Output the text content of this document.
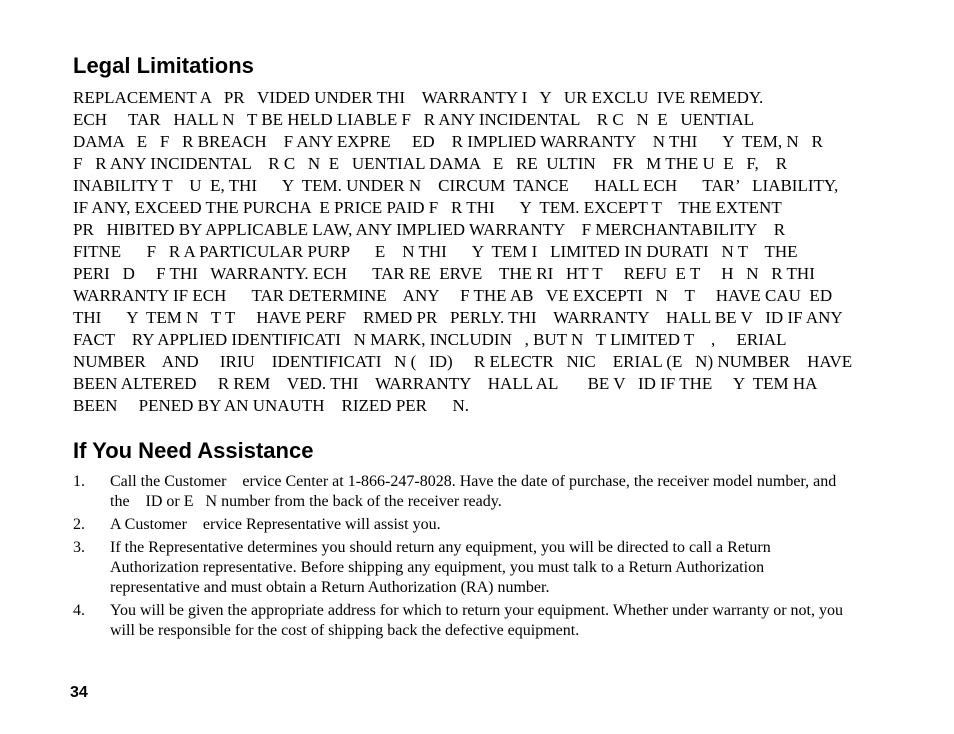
Legal Limitations
REPLACEMENT A   PR   VIDED UNDER THI    WARRANTY I   Y   UR EXCLU  IVE REMEDY.
ECH     TAR   HALL N   T BE HELD LIABLE F   R ANY INCIDENTAL    R C   N  E   UENTIAL
DAMA   E   F   R BREACH    F ANY EXPRE     ED    R IMPLIED WARRANTY    N THI      Y  TEM, N   R
F   R ANY INCIDENTAL    R C   N  E   UENTIAL DAMA   E   RE  ULTIN    FR   M THE U  E   F,    R
INABILITY T    U  E, THI      Y  TEM. UNDER N    CIRCUM  TANCE      HALL ECH      TAR’   LIABILITY,
IF ANY, EXCEED THE PURCHA  E PRICE PAID F   R THI      Y  TEM. EXCEPT T    THE EXTENT
PR   HIBITED BY APPLICABLE LAW, ANY IMPLIED WARRANTY    F MERCHANTABILITY    R
FITNE      F   R A PARTICULAR PURP      E    N THI      Y  TEM I   LIMITED IN DURATI   N T    THE
PERI   D     F THI   WARRANTY. ECH      TAR RE  ERVE    THE RI   HT T     REFU  E T     H   N   R THI
WARRANTY IF ECH      TAR DETERMINE    ANY     F THE AB   VE EXCEPTI   N    T     HAVE CAU  ED
THI      Y  TEM N   T T     HAVE PERF    RMED PR   PERLY. THI    WARRANTY    HALL BE V   ID IF ANY
FACT    RY APPLIED IDENTIFICATI   N MARK, INCLUDIN   , BUT N   T LIMITED T    ,     ERIAL
NUMBER    AND     IRIU    IDENTIFICATI   N (   ID)     R ELECTR   NIC    ERIAL (E   N) NUMBER    HAVE
BEEN ALTERED     R REM    VED. THI    WARRANTY    HALL AL       BE V   ID IF THE     Y  TEM HA
BEEN     PENED BY AN UNAUTH    RIZED PER      N.
If You Need Assistance
1. Call the Customer    ervice Center at 1-866-247-8028. Have the date of purchase, the receiver model number, and
the    ID or E   N number from the back of the receiver ready.
2. A Customer    ervice Representative will assist you.
3. If the Representative determines you should return any equipment, you will be directed to call a Return
Authorization representative. Before shipping any equipment, you must talk to a Return Authorization
representative and must obtain a Return Authorization (RA) number.
4. You will be given the appropriate address for which to return your equipment. Whether under warranty or not, you
will be responsible for the cost of shipping back the defective equipment.
34
